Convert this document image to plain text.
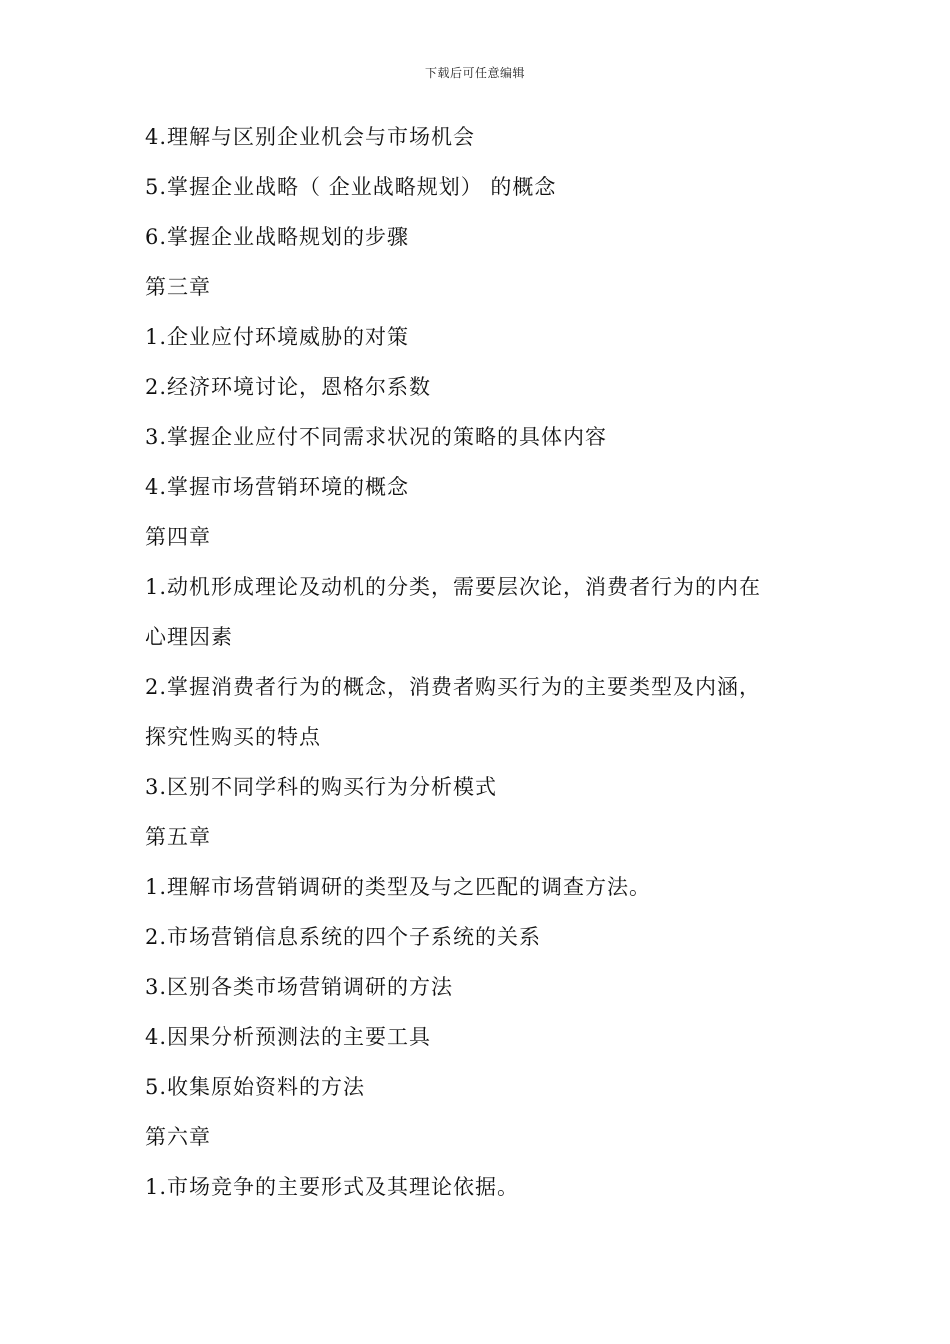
下载后可任意编辑
4.理解与区别企业机会与市场机会
5.掌握企业战略（ 企业战略规划） 的概念
6.掌握企业战略规划的步骤
第三章
1.企业应付环境威胁的对策
2.经济环境讨论，恩格尔系数
3.掌握企业应付不同需求状况的策略的具体内容
4.掌握市场营销环境的概念
第四章
1.动机形成理论及动机的分类，需要层次论，消费者行为的内在
心理因素
2.掌握消费者行为的概念，消费者购买行为的主要类型及内涵，
探究性购买的特点
3.区别不同学科的购买行为分析模式
第五章
1.理解市场营销调研的类型及与之匹配的调查方法。
2.市场营销信息系统的四个子系统的关系
3.区别各类市场营销调研的方法
4.因果分析预测法的主要工具
5.收集原始资料的方法
第六章
1.市场竞争的主要形式及其理论依据。
